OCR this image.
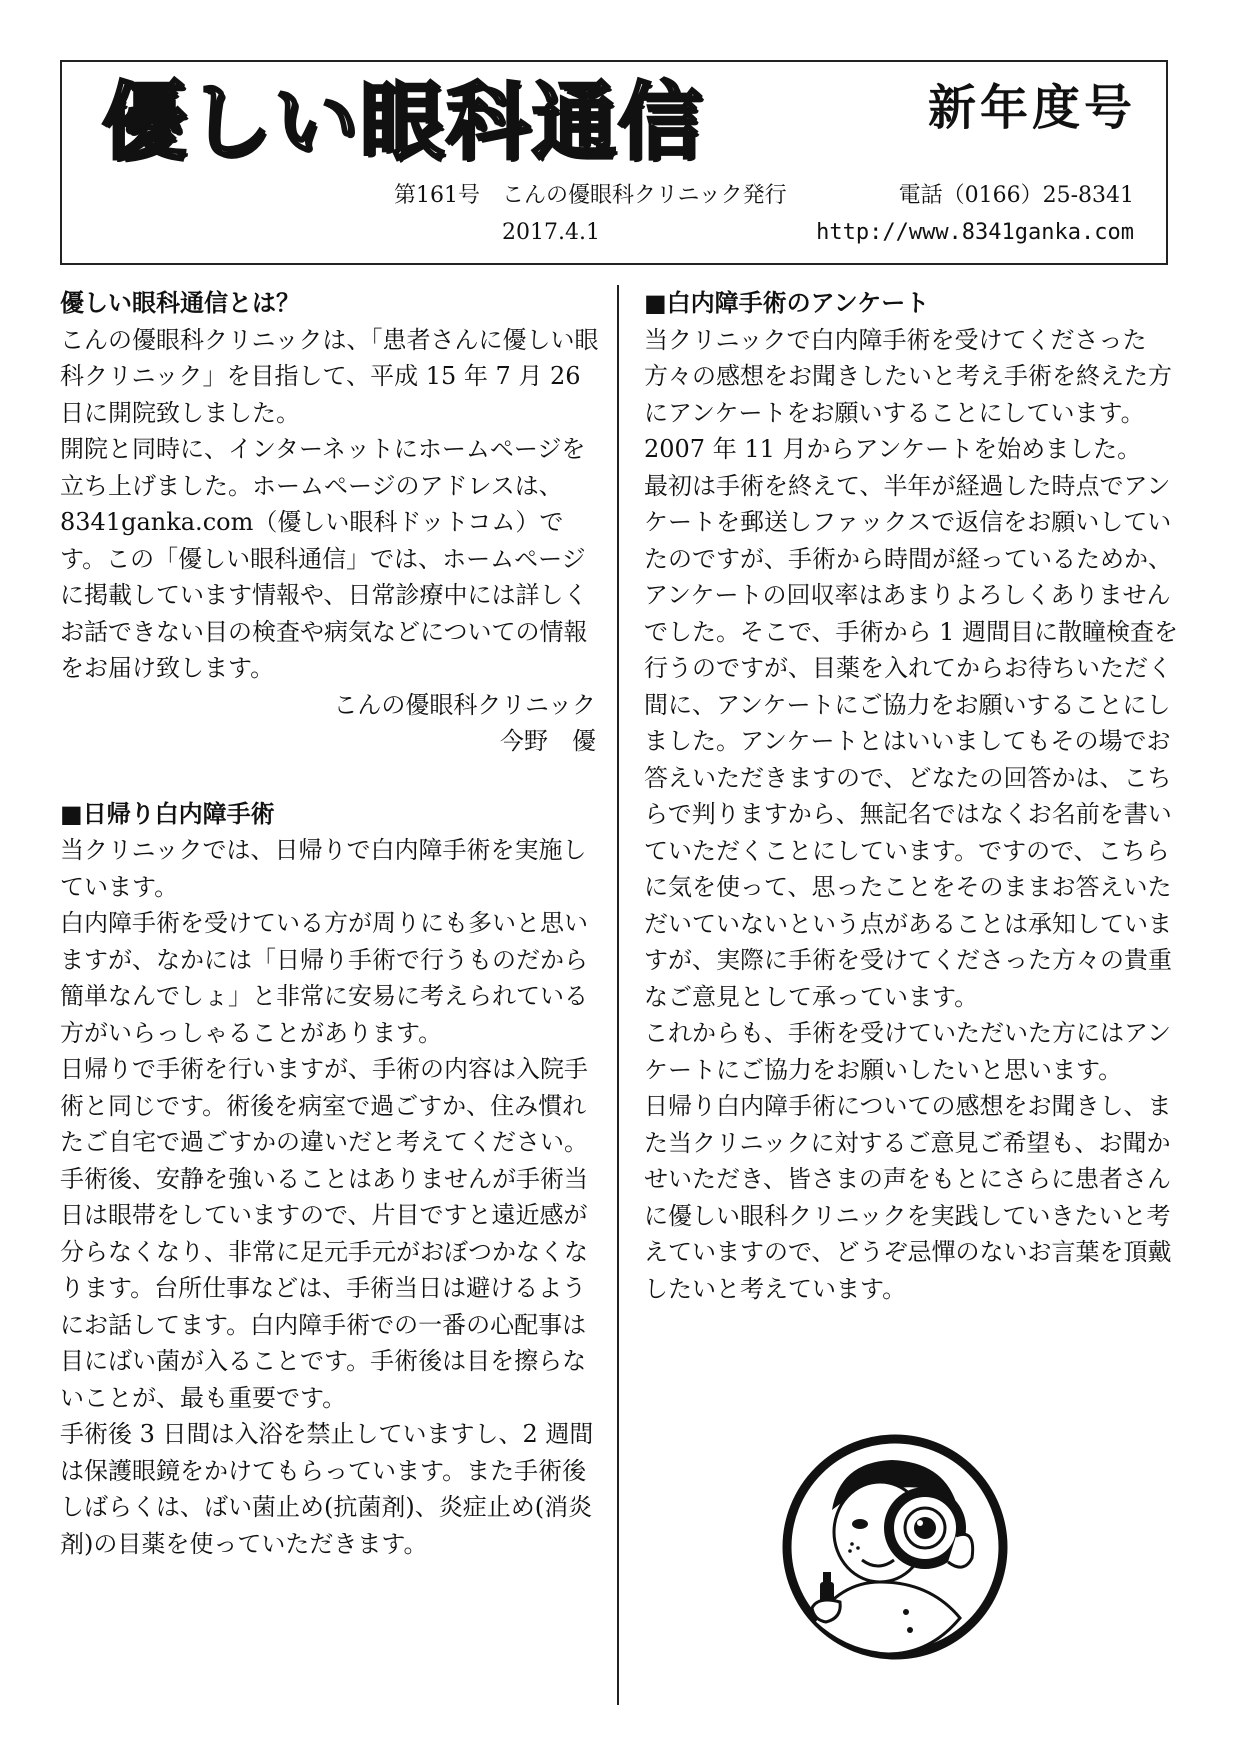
優しい眼科通信	新年度号
第161号　こんの優眼科クリニック発行	電話（0166）25-8341
2017.4.1	http://www.8341ganka.com

優しい眼科通信とは？

こんの優眼科クリニックは、「患者さんに優しい眼科クリニック」を目指して、平成 15 年 7 月 26 日に開院致しました。

開院と同時に、インターネットにホームページを立ち上げました。ホームページのアドレスは、8341ganka.com（優しい眼科ドットコム）です。この「優しい眼科通信」では、ホームページに掲載しています情報や、日常診療中には詳しくお話できない目の検査や病気などについての情報をお届け致します。

こんの優眼科クリニック

今野　優

■日帰り白内障手術

当クリニックでは、日帰りで白内障手術を実施しています。

白内障手術を受けている方が周りにも多いと思いますが、なかには「日帰り手術で行うものだから簡単なんでしょ」と非常に安易に考えられている方がいらっしゃることがあります。

日帰りで手術を行いますが、手術の内容は入院手術と同じです。術後を病室で過ごすか、住み慣れたご自宅で過ごすかの違いだと考えてください。手術後、安静を強いることはありませんが手術当日は眼帯をしていますので、片目ですと遠近感が分らなくなり、非常に足元手元がおぼつかなくなります。台所仕事などは、手術当日は避けるようにお話してます。白内障手術での一番の心配事は目にばい菌が入ることです。手術後は目を擦らないことが、最も重要です。

手術後 3 日間は入浴を禁止していますし、2 週間は保護眼鏡をかけてもらっています。また手術後しばらくは、ばい菌止め(抗菌剤)、炎症止め(消炎剤)の目薬を使っていただきます。

■白内障手術のアンケート

当クリニックで白内障手術を受けてくださった方々の感想をお聞きしたいと考え手術を終えた方にアンケートをお願いすることにしています。

2007 年 11 月からアンケートを始めました。

最初は手術を終えて、半年が経過した時点でアンケートを郵送しファックスで返信をお願いしていたのですが、手術から時間が経っているためか、アンケートの回収率はあまりよろしくありませんでした。そこで、手術から 1 週間目に散瞳検査を行うのですが、目薬を入れてからお待ちいただく間に、アンケートにご協力をお願いすることにしました。アンケートとはいいましてもその場でお答えいただきますので、どなたの回答かは、こちらで判りますから、無記名ではなくお名前を書いていただくことにしています。ですので、こちらに気を使って、思ったことをそのままお答えいただいていないという点があることは承知していますが、実際に手術を受けてくださった方々の貴重なご意見として承っています。

これからも、手術を受けていただいた方にはアンケートにご協力をお願いしたいと思います。

日帰り白内障手術についての感想をお聞きし、また当クリニックに対するご意見ご希望も、お聞かせいただき、皆さまの声をもとにさらに患者さんに優しい眼科クリニックを実践していきたいと考えていますので、どうぞ忌憚のないお言葉を頂戴したいと考えています。
